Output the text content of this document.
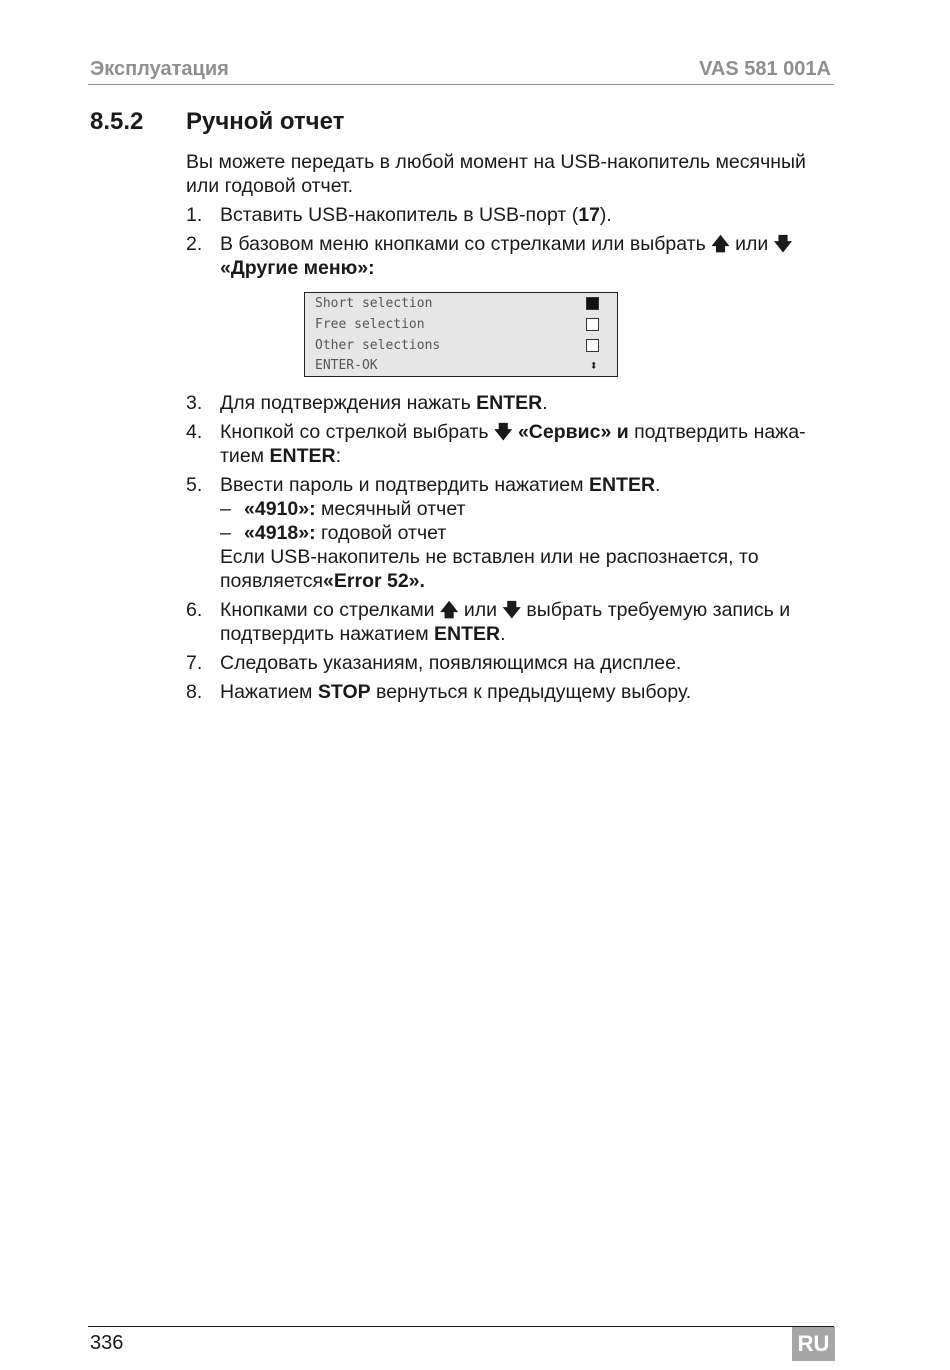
Эксплуатация	VAS 581 001A
8.5.2 Ручной отчет

Вы можете передать в любой момент на USB-накопитель месячный или годовой отчет.

1. Вставить USB-накопитель в USB-порт (17).
2. В базовом меню кнопками со стрелками или выбрать 🡅 или 🡇
«Другие меню»:
Short selection
Free selection
Other selections
ENTER-OK	⬍
3. Для подтверждения нажать ENTER.
4. Кнопкой со стрелкой выбрать 🡇 «Сервис» и подтвердить нажа-тием ENTER:
5. Ввести пароль и подтвердить нажатием ENTER.
– «4910»: месячный отчет
– «4918»: годовой отчет

Если USB-накопитель не вставлен или не распознается, то появляется«Error 52».

6. Кнопками со стрелками 🡅 или 🡇 выбрать требуемую запись и подтвердить нажатием ENTER.
7. Следовать указаниям, появляющимся на дисплее.
8. Нажатием STOP вернуться к предыдущему выбору.
336	RU
